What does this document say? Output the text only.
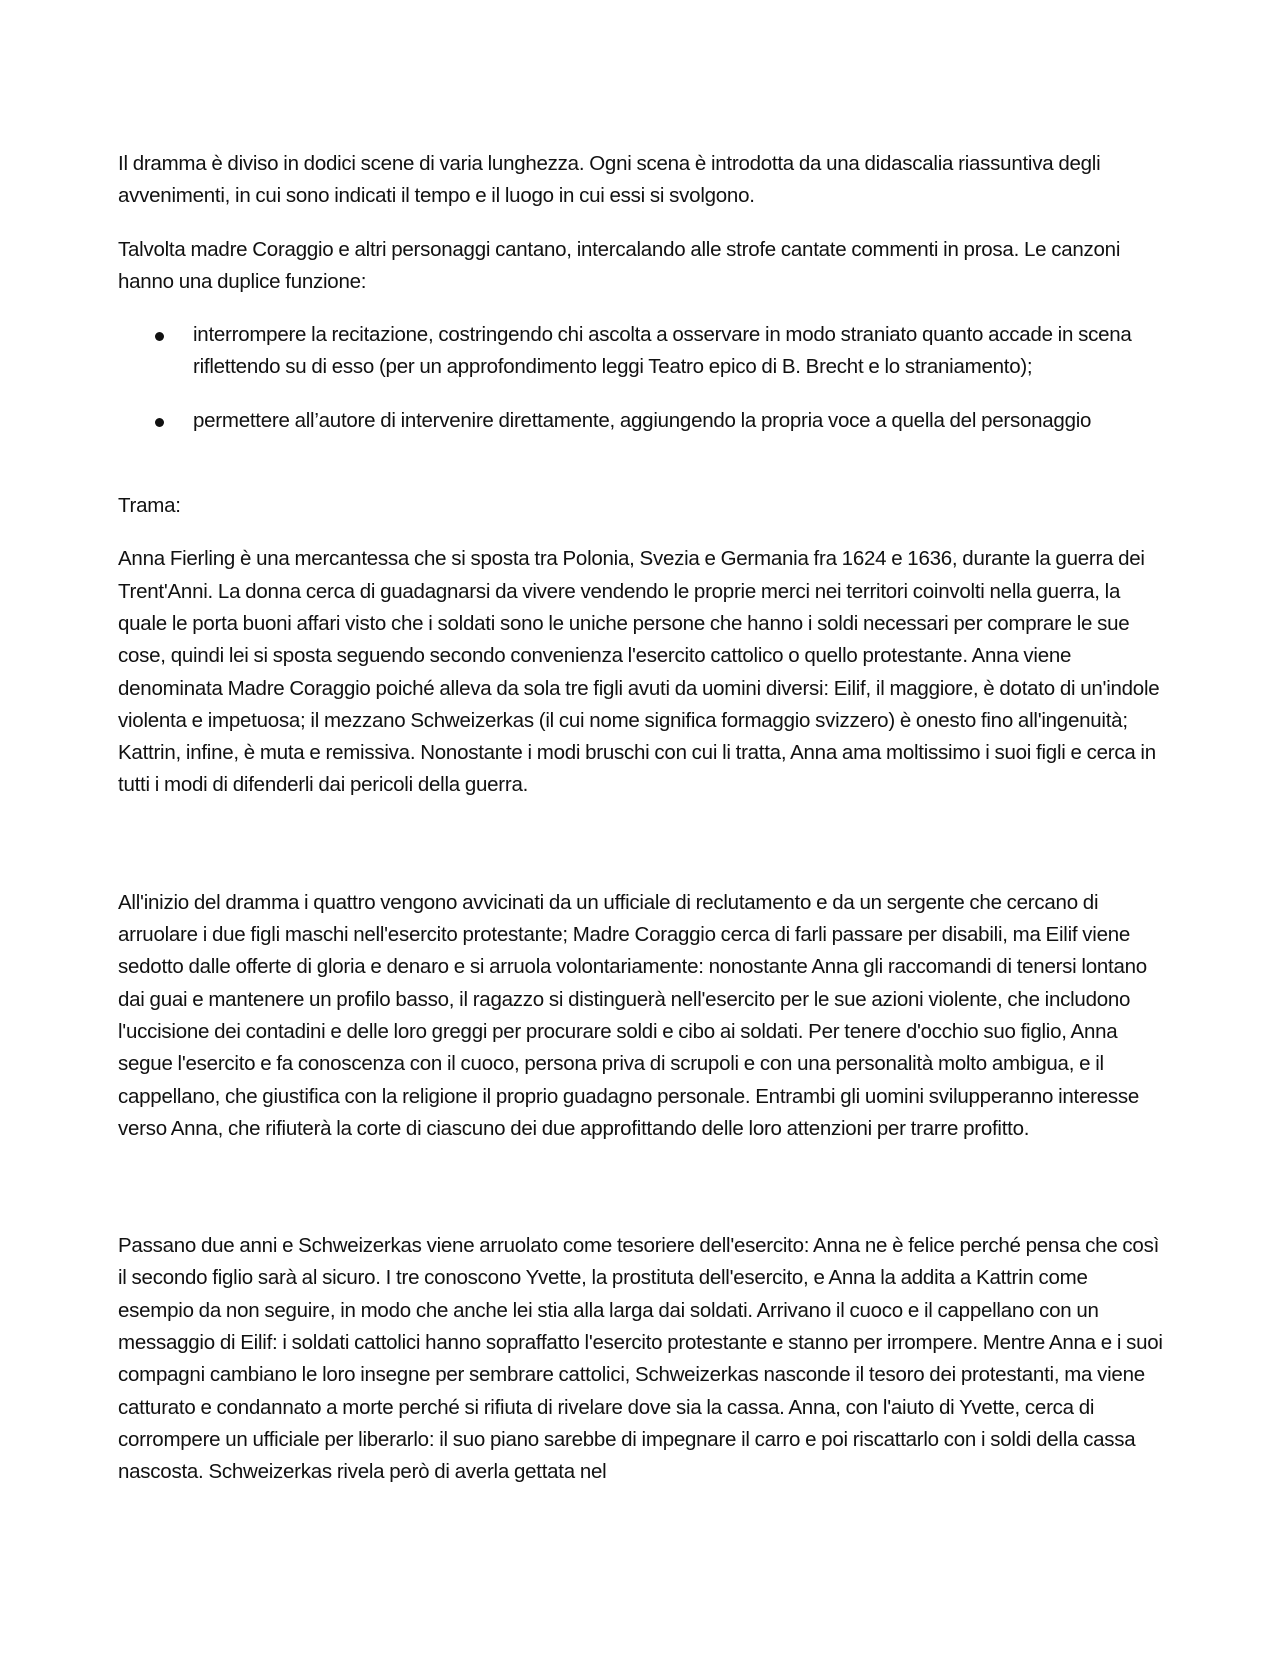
Il dramma è diviso in dodici scene di varia lunghezza. Ogni scena è introdotta da una didascalia riassuntiva degli avvenimenti, in cui sono indicati il tempo e il luogo in cui essi si svolgono.

Talvolta madre Coraggio e altri personaggi cantano, intercalando alle strofe cantate commenti in prosa. Le canzoni hanno una duplice funzione:

interrompere la recitazione, costringendo chi ascolta a osservare in modo straniato quanto accade in scena riflettendo su di esso (per un approfondimento leggi Teatro epico di B. Brecht e lo straniamento);
permettere all’autore di intervenire direttamente, aggiungendo la propria voce a quella del personaggio

Trama:

Anna Fierling è una mercantessa che si sposta tra Polonia, Svezia e Germania fra 1624 e 1636, durante la guerra dei Trent'Anni. La donna cerca di guadagnarsi da vivere vendendo le proprie merci nei territori coinvolti nella guerra, la quale le porta buoni affari visto che i soldati sono le uniche persone che hanno i soldi necessari per comprare le sue cose, quindi lei si sposta seguendo secondo convenienza l'esercito cattolico o quello protestante. Anna viene denominata Madre Coraggio poiché alleva da sola tre figli avuti da uomini diversi: Eilif, il maggiore, è dotato di un'indole violenta e impetuosa; il mezzano Schweizerkas (il cui nome significa formaggio svizzero) è onesto fino all'ingenuità; Kattrin, infine, è muta e remissiva. Nonostante i modi bruschi con cui li tratta, Anna ama moltissimo i suoi figli e cerca in tutti i modi di difenderli dai pericoli della guerra.

All'inizio del dramma i quattro vengono avvicinati da un ufficiale di reclutamento e da un sergente che cercano di arruolare i due figli maschi nell'esercito protestante; Madre Coraggio cerca di farli passare per disabili, ma Eilif viene sedotto dalle offerte di gloria e denaro e si arruola volontariamente: nonostante Anna gli raccomandi di tenersi lontano dai guai e mantenere un profilo basso, il ragazzo si distinguerà nell'esercito per le sue azioni violente, che includono l'uccisione dei contadini e delle loro greggi per procurare soldi e cibo ai soldati. Per tenere d'occhio suo figlio, Anna segue l'esercito e fa conoscenza con il cuoco, persona priva di scrupoli e con una personalità molto ambigua, e il cappellano, che giustifica con la religione il proprio guadagno personale. Entrambi gli uomini svilupperanno interesse verso Anna, che rifiuterà la corte di ciascuno dei due approfittando delle loro attenzioni per trarre profitto.

Passano due anni e Schweizerkas viene arruolato come tesoriere dell'esercito: Anna ne è felice perché pensa che così il secondo figlio sarà al sicuro. I tre conoscono Yvette, la prostituta dell'esercito, e Anna la addita a Kattrin come esempio da non seguire, in modo che anche lei stia alla larga dai soldati. Arrivano il cuoco e il cappellano con un messaggio di Eilif: i soldati cattolici hanno sopraffatto l'esercito protestante e stanno per irrompere. Mentre Anna e i suoi compagni cambiano le loro insegne per sembrare cattolici, Schweizerkas nasconde il tesoro dei protestanti, ma viene catturato e condannato a morte perché si rifiuta di rivelare dove sia la cassa. Anna, con l'aiuto di Yvette, cerca di corrompere un ufficiale per liberarlo: il suo piano sarebbe di impegnare il carro e poi riscattarlo con i soldi della cassa nascosta. Schweizerkas rivela però di averla gettata nel
